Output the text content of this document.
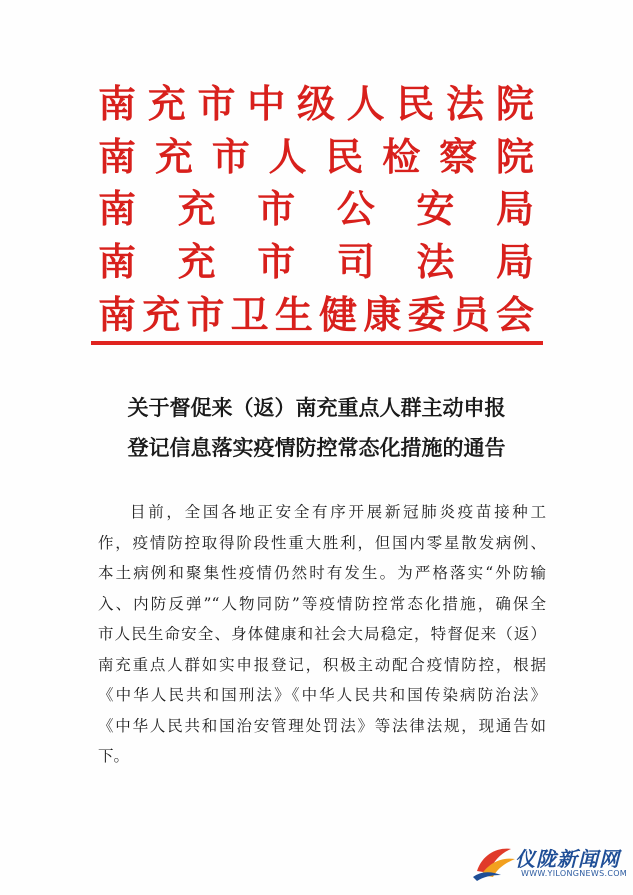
南 充 市 中 级 人 民 法 院
南 充 市 人 民 检 察 院
南 充 市 公 安 局
南 充 市 司 法 局
南 充 市 卫 生 健 康 委 员 会
关于督促来（返）南充重点人群主动申报
登记信息落实疫情防控常态化措施的通告
目前，全国各地正安全有序开展新冠肺炎疫苗接种工
作，疫情防控取得阶段性重大胜利，但国内零星散发病例、
本土病例和聚集性疫情仍然时有发生。为严格落实“外防输
入、内防反弹”“人物同防”等疫情防控常态化措施，确保全
市人民生命安全、身体健康和社会大局稳定，特督促来（返）
南充重点人群如实申报登记，积极主动配合疫情防控，根据
《中华人民共和国刑法》《中华人民共和国传染病防治法》
《中华人民共和国治安管理处罚法》等法律法规，现通告如
下。
仪陇新闻网
WWW.YILONGNEWS.COM
